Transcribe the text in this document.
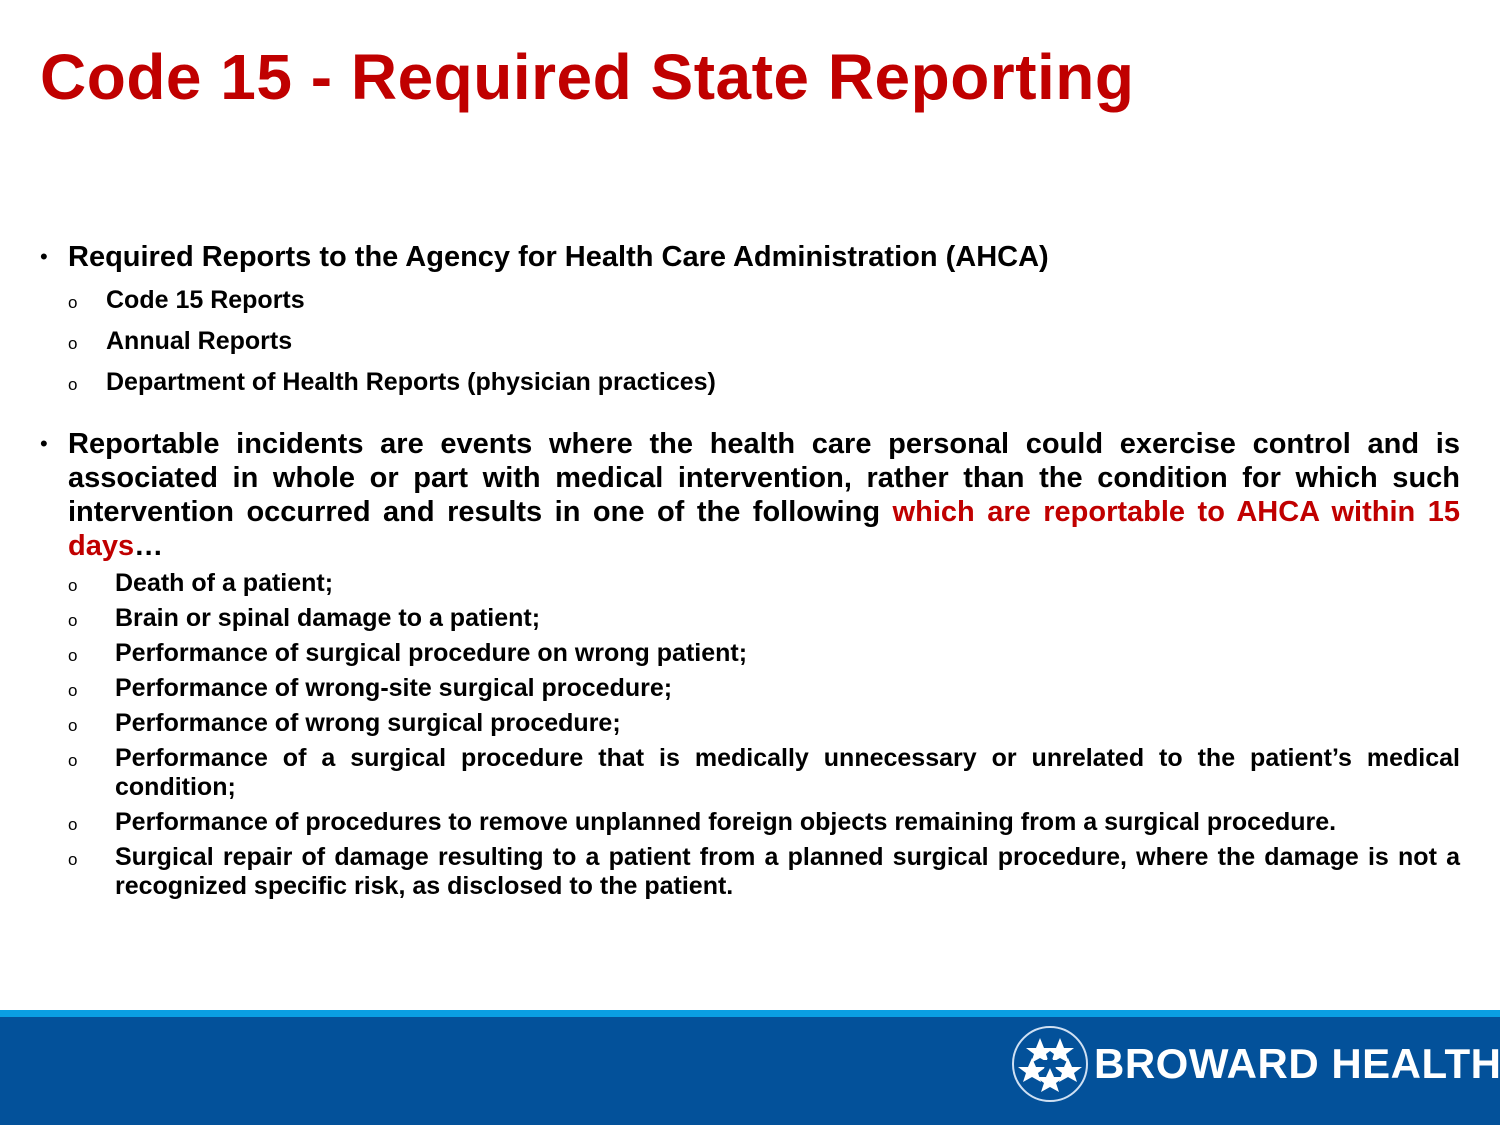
Code 15 - Required State Reporting
• Required Reports to the Agency for Health Care Administration (AHCA)
o Code 15 Reports
o Annual Reports
o Department of Health Reports (physician practices)
• Reportable incidents are events where the health care personal could exercise control and is associated in whole or part with medical intervention, rather than the condition for which such intervention occurred and results in one of the following which are reportable to AHCA within 15 days…
o Death of a patient;
o Brain or spinal damage to a patient;
o Performance of surgical procedure on wrong patient;
o Performance of wrong-site surgical procedure;
o Performance of wrong surgical procedure;
o Performance of a surgical procedure that is medically unnecessary or unrelated to the patient’s medical condition;
o Performance of procedures to remove unplanned foreign objects remaining from a surgical procedure.
o Surgical repair of damage resulting to a patient from a planned surgical procedure, where the damage is not a recognized specific risk, as disclosed to the patient.
BROWARD HEALTH ®
